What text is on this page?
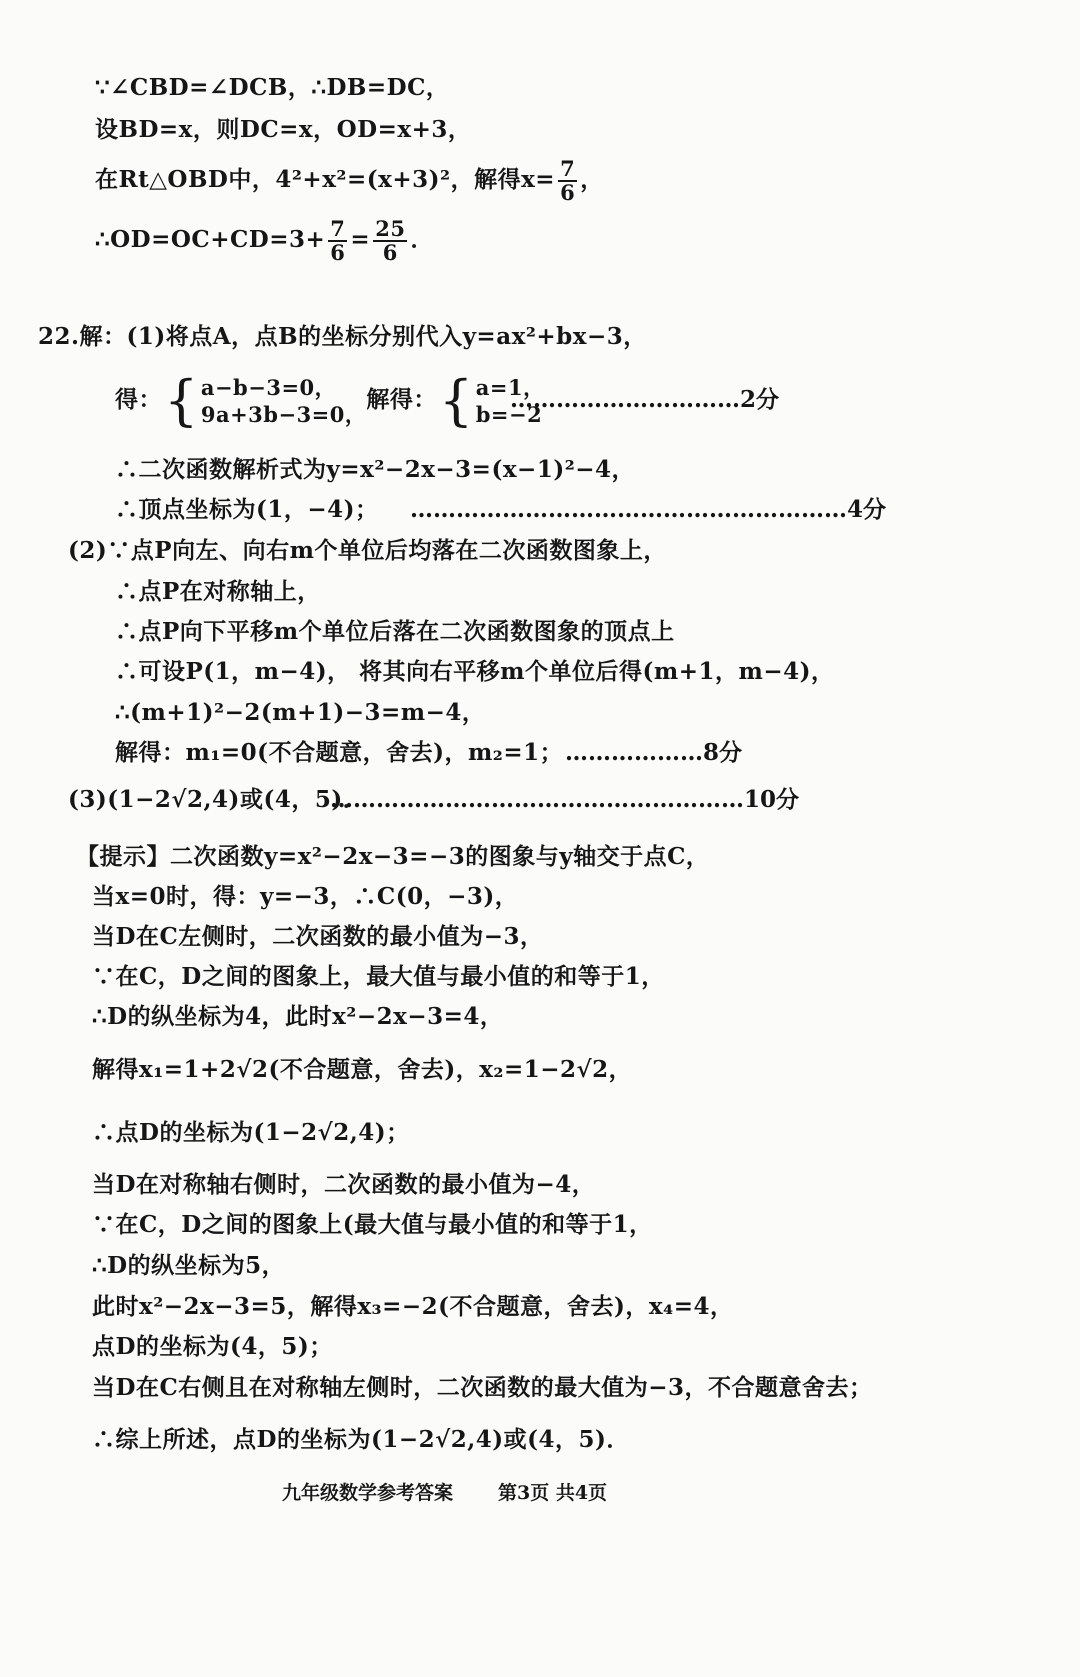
∵∠CBD=∠DCB，∴DB=DC，
设BD=x，则DC=x，OD=x+3，
在Rt△OBD中，4²+x²=(x+3)²，解得$x= \frac{7}{6}$ ，
∴OD=OC+CD=3+ $\frac{7}{6} = \frac{25}{6}$ ．
22.解：(1)将点A，点B的坐标分别代入y=ax²+bx−3，
得：{ a−b−3=0，
9a+3b−3=0，
解得：{ a=1，
b=−2
…………………………2分
∴二次函数解析式为y=x²−2x−3=(x−1)²−4，
∴顶点坐标为(1，−4)； …………………………………………………4分
(2)∵点P向左、向右m个单位后均落在二次函数图象上，
∴点P在对称轴上，
∴点P向下平移m个单位后落在二次函数图象的顶点上
∴可设P(1，m−4)， 将其向右平移m个单位后得(m+1，m−4)，
∴(m+1)²−2(m+1)−3=m−4，
解得：m₁=0(不合题意，舍去)，m₂=1； ………………8分
(3)(1−2√2,4)或(4，5)．
………………………………………………10分
【提示】二次函数y=x²−2x−3=−3的图象与y轴交于点C，
当x=0时，得：y=−3，∴C(0，−3)，
当D在C左侧时，二次函数的最小值为−3，
∵在C，D之间的图象上，最大值与最小值的和等于1，
∴D的纵坐标为4，此时x²−2x−3=4，
解得x₁=1+2√2(不合题意，舍去)，x₂=1−2√2，
∴点D的坐标为(1−2√2,4)；
当D在对称轴右侧时，二次函数的最小值为−4，
∵在C，D之间的图象上(最大值与最小值的和等于1，
∴D的纵坐标为5，
此时x²−2x−3=5，解得x₃=−2(不合题意，舍去)，x₄=4，
点D的坐标为(4，5)；
当D在C右侧且在对称轴左侧时，二次函数的最大值为−3，不合题意舍去；
∴综上所述，点D的坐标为(1−2√2,4)或(4，5)．
九年级数学参考答案 第3页 共4页
